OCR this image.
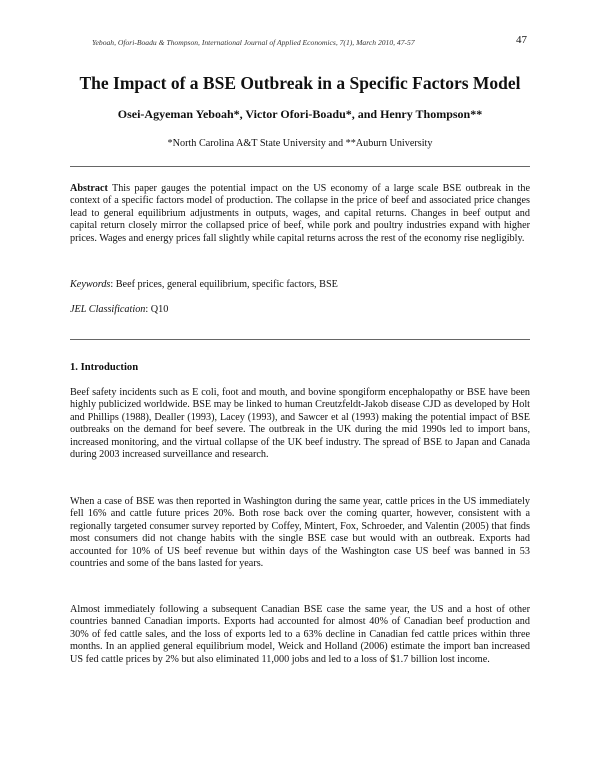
Yeboah, Ofori-Boadu & Thompson, International Journal of Applied Economics, 7(1), March 2010, 47-57	47
The Impact of a BSE Outbreak in a Specific Factors Model
Osei-Agyeman Yeboah*, Victor Ofori-Boadu*, and Henry Thompson**
*North Carolina A&T State University and **Auburn University

Abstract This paper gauges the potential impact on the US economy of a large scale BSE outbreak in the context of a specific factors model of production. The collapse in the price of beef and associated price changes lead to general equilibrium adjustments in outputs, wages, and capital returns. Changes in beef output and capital return closely mirror the collapsed price of beef, while pork and poultry industries expand with higher prices. Wages and energy prices fall slightly while capital returns across the rest of the economy rise negligibly.

Keywords: Beef prices, general equilibrium, specific factors, BSE

JEL Classification: Q10

1. Introduction

Beef safety incidents such as E coli, foot and mouth, and bovine spongiform encephalopathy or BSE have been highly publicized worldwide. BSE may be linked to human Creutzfeldt-Jakob disease CJD as developed by Holt and Phillips (1988), Dealler (1993), Lacey (1993), and Sawcer et al (1993) making the potential impact of BSE outbreaks on the demand for beef severe. The outbreak in the UK during the mid 1990s led to import bans, increased monitoring, and the virtual collapse of the UK beef industry. The spread of BSE to Japan and Canada during 2003 increased surveillance and research.

When a case of BSE was then reported in Washington during the same year, cattle prices in the US immediately fell 16% and cattle future prices 20%. Both rose back over the coming quarter, however, consistent with a regionally targeted consumer survey reported by Coffey, Mintert, Fox, Schroeder, and Valentin (2005) that finds most consumers did not change habits with the single BSE case but would with an outbreak. Exports had accounted for 10% of US beef revenue but within days of the Washington case US beef was banned in 53 countries and some of the bans lasted for years.

Almost immediately following a subsequent Canadian BSE case the same year, the US and a host of other countries banned Canadian imports. Exports had accounted for almost 40% of Canadian beef production and 30% of fed cattle sales, and the loss of exports led to a 63% decline in Canadian fed cattle prices within three months. In an applied general equilibrium model, Weick and Holland (2006) estimate the import ban increased US fed cattle prices by 2% but also eliminated 11,000 jobs and led to a loss of $1.7 billion lost income.
